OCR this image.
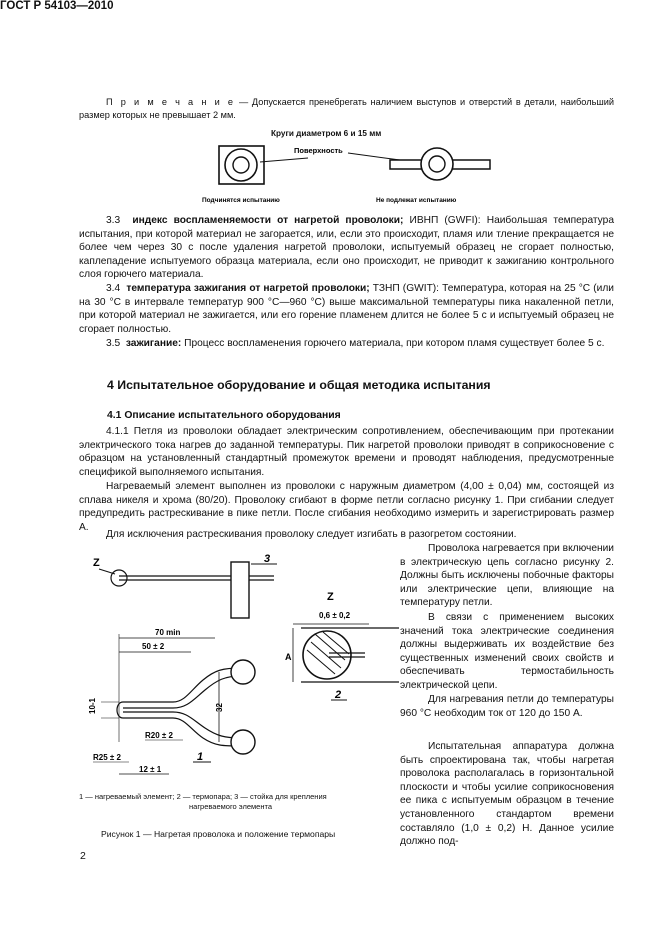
ГОСТ Р 54103—2010

П р и м е ч а н и е — Допускается пренебрегать наличием выступов и отверстий в детали, наибольший размер которых не превышает 2 мм.

Круги диаметром 6 и 15 мм
Поверхность
Подчинятся испытанию	Не подлежат испытанию

3.3 индекс воспламеняемости от нагретой проволоки; ИВНП (GWFI): Наибольшая температура испытания, при которой материал не загорается, или, если это происходит, пламя или тление прекращается не более чем через 30 с после удаления нагретой проволоки, испытуемый образец не сгорает полностью, каплепадение испытуемого образца материала, если оно происходит, не приводит к зажиганию контрольного слоя горючего материала.

3.4 температура зажигания от нагретой проволоки; ТЗНП (GWIT): Температура, которая на 25 °C (или на 30 °C в интервале температур 900 °C—960 °C) выше максимальной температуры пика накаленной петли, при которой материал не зажигается, или его горение пламенем длится не более 5 с и испытуемый образец не сгорает полностью.

3.5 зажигание: Процесс воспламенения горючего материала, при котором пламя существует более 5 с.

4 Испытательное оборудование и общая методика испытания
4.1 Описание испытательного оборудования

4.1.1 Петля из проволоки обладает электрическим сопротивлением, обеспечивающим при протекании электрического тока нагрев до заданной температуры. Пик нагретой проволоки приводят в соприкосновение с образцом на установленный стандартный промежуток времени и проводят наблюдения, предусмотренные спецификой выполняемого испытания.

Нагреваемый элемент выполнен из проволоки с наружным диаметром (4,00 ± 0,04) мм, состоящей из сплава никеля и хрома (80/20). Проволоку сгибают в форме петли согласно рисунку 1. При сгибании следует предупредить растрескивание в пике петли. После сгибания необходимо измерить и зарегистрировать размер А.

Для исключения растрескивания проволоку следует изгибать в разогретом состоянии.

Проволока нагревается при включении в электрическую цепь согласно рисунку 2. Должны быть исключены побочные факторы или электрические цепи, влияющие на температуру петли.

В связи с применением высоких значений тока электрические соединения должны выдерживать их воздействие без существенных изменений своих свойств и обеспечивать термостабильность электрической цепи.

Для нагревания петли до температуры 960 °C необходим ток от 120 до 150 А.

Испытательная аппаратура должна быть спроектирована так, чтобы нагретая проволока располагалась в горизонтальной плоскости и чтобы усилие соприкосновения ее пика с испытуемым образцом в течение установленного стандартом времени составляло (1,0 ± 0,2) Н. Данное усилие должно под-

Z	3
70 min
50 ± 2
32
10-1
R20 ± 2
R25 ± 2
12 ± 1
1
Z
0,6 ± 0,2
A
2
1 — нагреваемый элемент; 2 — термопара; 3 — стойка для крепления
нагреваемого элемента
Рисунок 1 — Нагретая проволока и положение термопары
2
